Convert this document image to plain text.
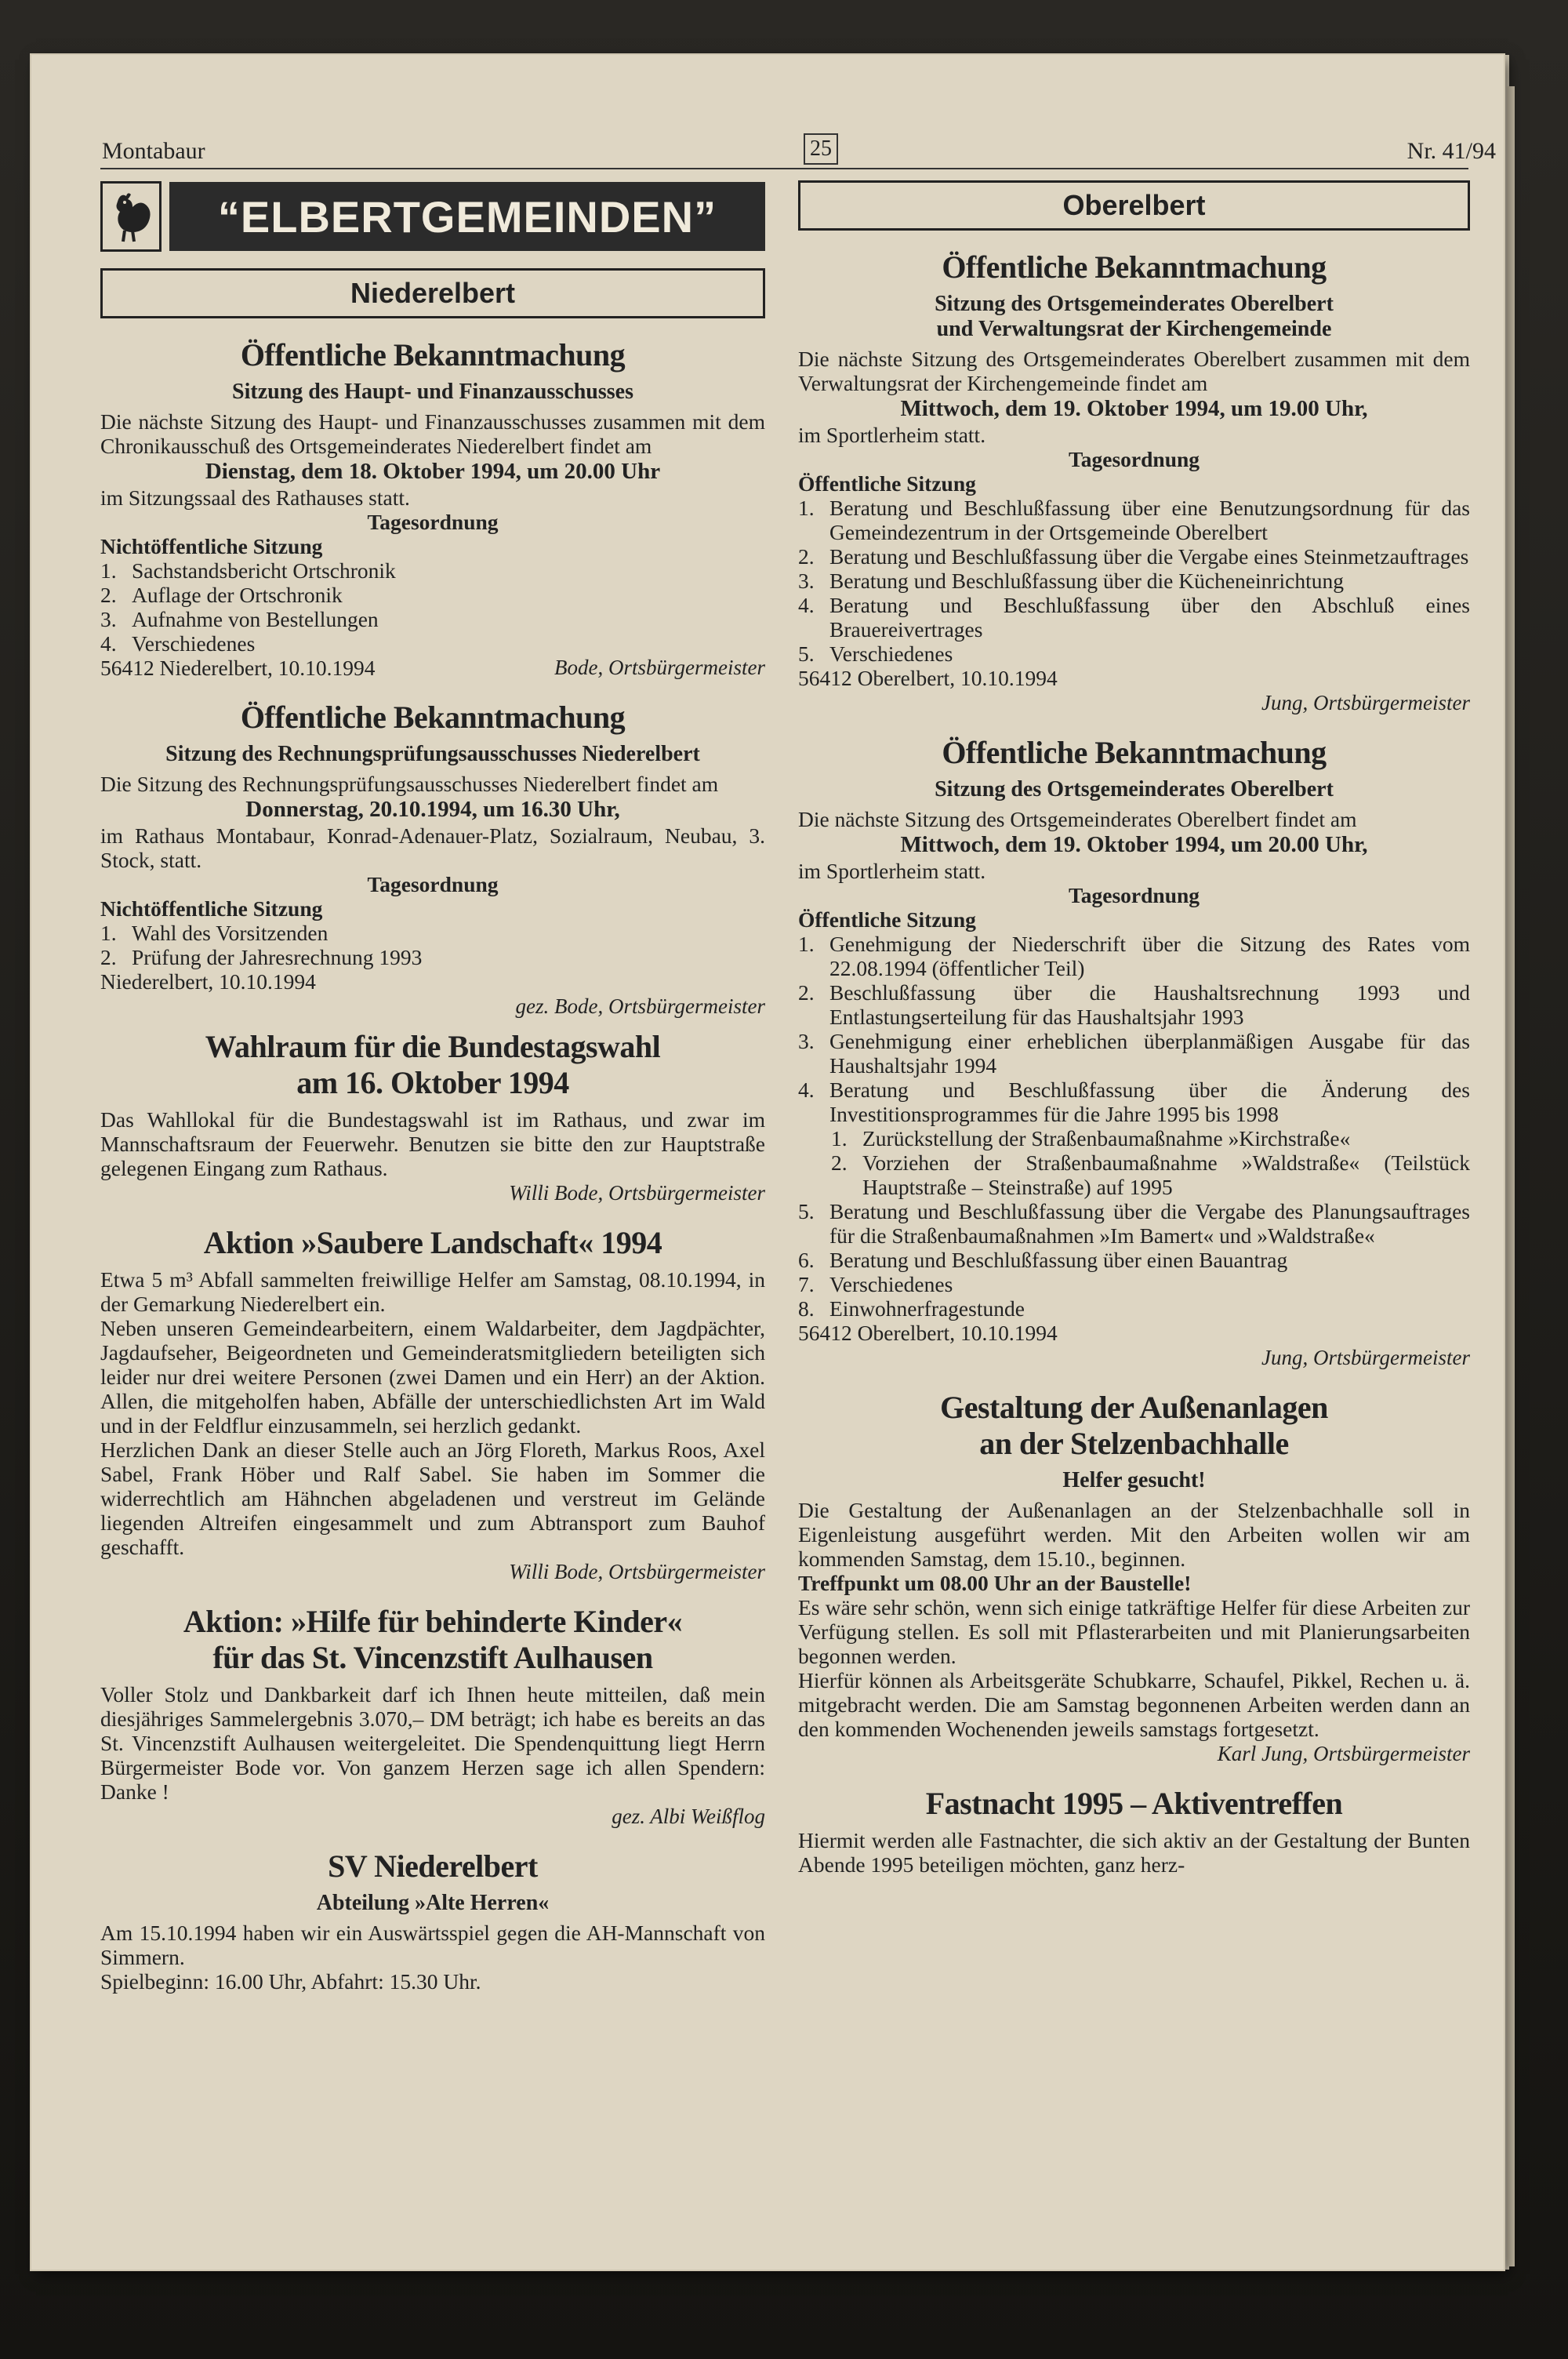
Montabaur	25	Nr. 41/94
“ELBERTGEMEINDEN”
Niederelbert
Öffentliche Bekanntmachung
Sitzung des Haupt- und Finanzausschusses

Die nächste Sitzung des Haupt- und Finanzausschusses zusammen mit dem Chronikausschuß des Ortsgemeinderates Niederelbert findet am

Dienstag, dem 18. Oktober 1994, um 20.00 Uhr

im Sitzungssaal des Rathauses statt.

Tagesordnung

Nichtöffentliche Sitzung

1. Sachstandsbericht Ortschronik
2. Auflage der Ortschronik
3. Aufnahme von Bestellungen
4. Verschiedenes

56412 Niederelbert, 10.10.1994	Bode, Ortsbürgermeister
Öffentliche Bekanntmachung
Sitzung des Rechnungsprüfungsausschusses Niederelbert

Die Sitzung des Rechnungsprüfungsausschusses Niederelbert findet am

Donnerstag, 20.10.1994, um 16.30 Uhr,

im Rathaus Montabaur, Konrad-Adenauer-Platz, Sozialraum, Neubau, 3. Stock, statt.

Tagesordnung

Nichtöffentliche Sitzung

1. Wahl des Vorsitzenden
2. Prüfung der Jahresrechnung 1993

Niederelbert, 10.10.1994

gez. Bode, Ortsbürgermeister
Wahlraum für die Bundestagswahl
am 16. Oktober 1994

Das Wahllokal für die Bundestagswahl ist im Rathaus, und zwar im Mannschaftsraum der Feuerwehr. Benutzen sie bitte den zur Hauptstraße gelegenen Eingang zum Rathaus.

Willi Bode, Ortsbürgermeister
Aktion »Saubere Landschaft« 1994

Etwa 5 m³ Abfall sammelten freiwillige Helfer am Samstag, 08.10.1994, in der Gemarkung Niederelbert ein.

Neben unseren Gemeindearbeitern, einem Waldarbeiter, dem Jagdpächter, Jagdaufseher, Beigeordneten und Gemeinderatsmitgliedern beteiligten sich leider nur drei weitere Personen (zwei Damen und ein Herr) an der Aktion. Allen, die mitgeholfen haben, Abfälle der unterschiedlichsten Art im Wald und in der Feldflur einzusammeln, sei herzlich gedankt.

Herzlichen Dank an dieser Stelle auch an Jörg Floreth, Markus Roos, Axel Sabel, Frank Höber und Ralf Sabel. Sie haben im Sommer die widerrechtlich am Hähnchen abgeladenen und verstreut im Gelände liegenden Altreifen eingesammelt und zum Abtransport zum Bauhof geschafft.

Willi Bode, Ortsbürgermeister
Aktion: »Hilfe für behinderte Kinder«
für das St. Vincenzstift Aulhausen

Voller Stolz und Dankbarkeit darf ich Ihnen heute mitteilen, daß mein diesjähriges Sammelergebnis 3.070,– DM beträgt; ich habe es bereits an das St. Vincenzstift Aulhausen weitergeleitet. Die Spendenquittung liegt Herrn Bürgermeister Bode vor. Von ganzem Herzen sage ich allen Spendern: Danke !

gez. Albi Weißflog
SV Niederelbert
Abteilung »Alte Herren«

Am 15.10.1994 haben wir ein Auswärtsspiel gegen die AH-Mannschaft von Simmern.

Spielbeginn: 16.00 Uhr, Abfahrt: 15.30 Uhr.

Oberelbert
Öffentliche Bekanntmachung
Sitzung des Ortsgemeinderates Oberelbert
und Verwaltungsrat der Kirchengemeinde

Die nächste Sitzung des Ortsgemeinderates Oberelbert zusammen mit dem Verwaltungsrat der Kirchengemeinde findet am

Mittwoch, dem 19. Oktober 1994, um 19.00 Uhr,

im Sportlerheim statt.

Tagesordnung

Öffentliche Sitzung

1. Beratung und Beschlußfassung über eine Benutzungsordnung für das Gemeindezentrum in der Ortsgemeinde Oberelbert
2. Beratung und Beschlußfassung über die Vergabe eines Steinmetzauftrages
3. Beratung und Beschlußfassung über die Kücheneinrichtung
4. Beratung und Beschlußfassung über den Abschluß eines Brauereivertrages
5. Verschiedenes

56412 Oberelbert, 10.10.1994

Jung, Ortsbürgermeister
Öffentliche Bekanntmachung
Sitzung des Ortsgemeinderates Oberelbert

Die nächste Sitzung des Ortsgemeinderates Oberelbert findet am

Mittwoch, dem 19. Oktober 1994, um 20.00 Uhr,

im Sportlerheim statt.

Tagesordnung

Öffentliche Sitzung

1. Genehmigung der Niederschrift über die Sitzung des Rates vom 22.08.1994 (öffentlicher Teil)
2. Beschlußfassung über die Haushaltsrechnung 1993 und Entlastungserteilung für das Haushaltsjahr 1993
3. Genehmigung einer erheblichen überplanmäßigen Ausgabe für das Haushaltsjahr 1994
4. Beratung und Beschlußfassung über die Änderung des Investitionsprogrammes für die Jahre 1995 bis 1998
1. Zurückstellung der Straßenbaumaßnahme »Kirchstraße«
2. Vorziehen der Straßenbaumaßnahme »Waldstraße« (Teilstück Hauptstraße – Steinstraße) auf 1995
5. Beratung und Beschlußfassung über die Vergabe des Planungsauftrages für die Straßenbaumaßnahmen »Im Bamert« und »Waldstraße«
6. Beratung und Beschlußfassung über einen Bauantrag
7. Verschiedenes
8. Einwohnerfragestunde

56412 Oberelbert, 10.10.1994

Jung, Ortsbürgermeister
Gestaltung der Außenanlagen
an der Stelzenbachhalle
Helfer gesucht!

Die Gestaltung der Außenanlagen an der Stelzenbachhalle soll in Eigenleistung ausgeführt werden. Mit den Arbeiten wollen wir am kommenden Samstag, dem 15.10., beginnen.

Treffpunkt um 08.00 Uhr an der Baustelle!

Es wäre sehr schön, wenn sich einige tatkräftige Helfer für diese Arbeiten zur Verfügung stellen. Es soll mit Pflasterarbeiten und mit Planierungsarbeiten begonnen werden.

Hierfür können als Arbeitsgeräte Schubkarre, Schaufel, Pikkel, Rechen u. ä. mitgebracht werden. Die am Samstag begonnenen Arbeiten werden dann an den kommenden Wochenenden jeweils samstags fortgesetzt.

Karl Jung, Ortsbürgermeister
Fastnacht 1995 – Aktiventreffen

Hiermit werden alle Fastnachter, die sich aktiv an der Gestaltung der Bunten Abende 1995 beteiligen möchten, ganz herz-
